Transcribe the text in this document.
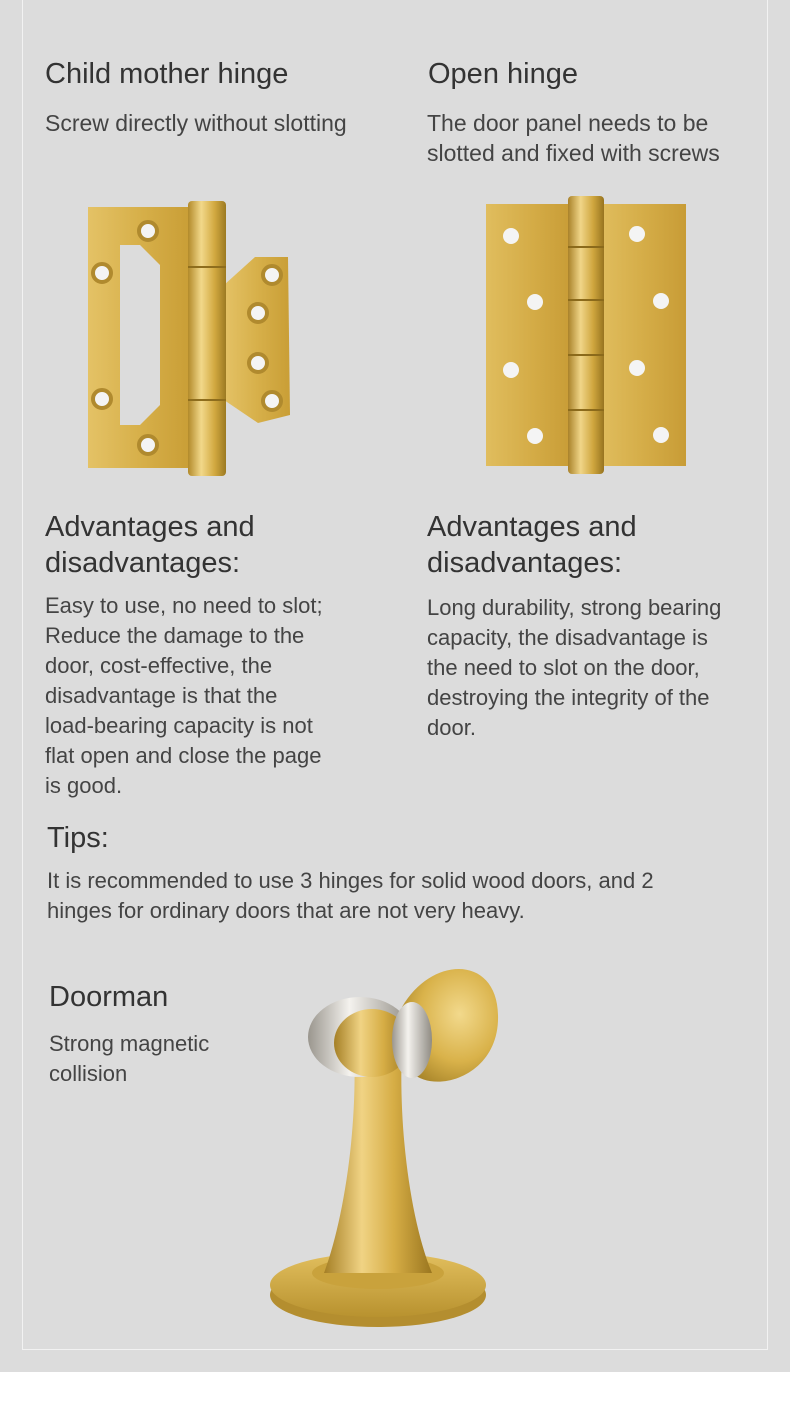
Child mother hinge

Screw directly without slotting

Advantages and
disadvantages:
Easy to use, no need to slot;
Reduce the damage to the
door, cost-effective, the
disadvantage is that the
load-bearing capacity is not
flat open and close the page
is good.
Open hinge

The door panel needs to be

slotted and fixed with screws

Advantages and
disadvantages:
Long durability, strong bearing
capacity, the disadvantage is
the need to slot on the door,
destroying the integrity of the
door.
Tips:

It is recommended to use 3 hinges for solid wood doors, and 2

hinges for ordinary doors that are not very heavy.

Doorman

Strong magnetic

collision
